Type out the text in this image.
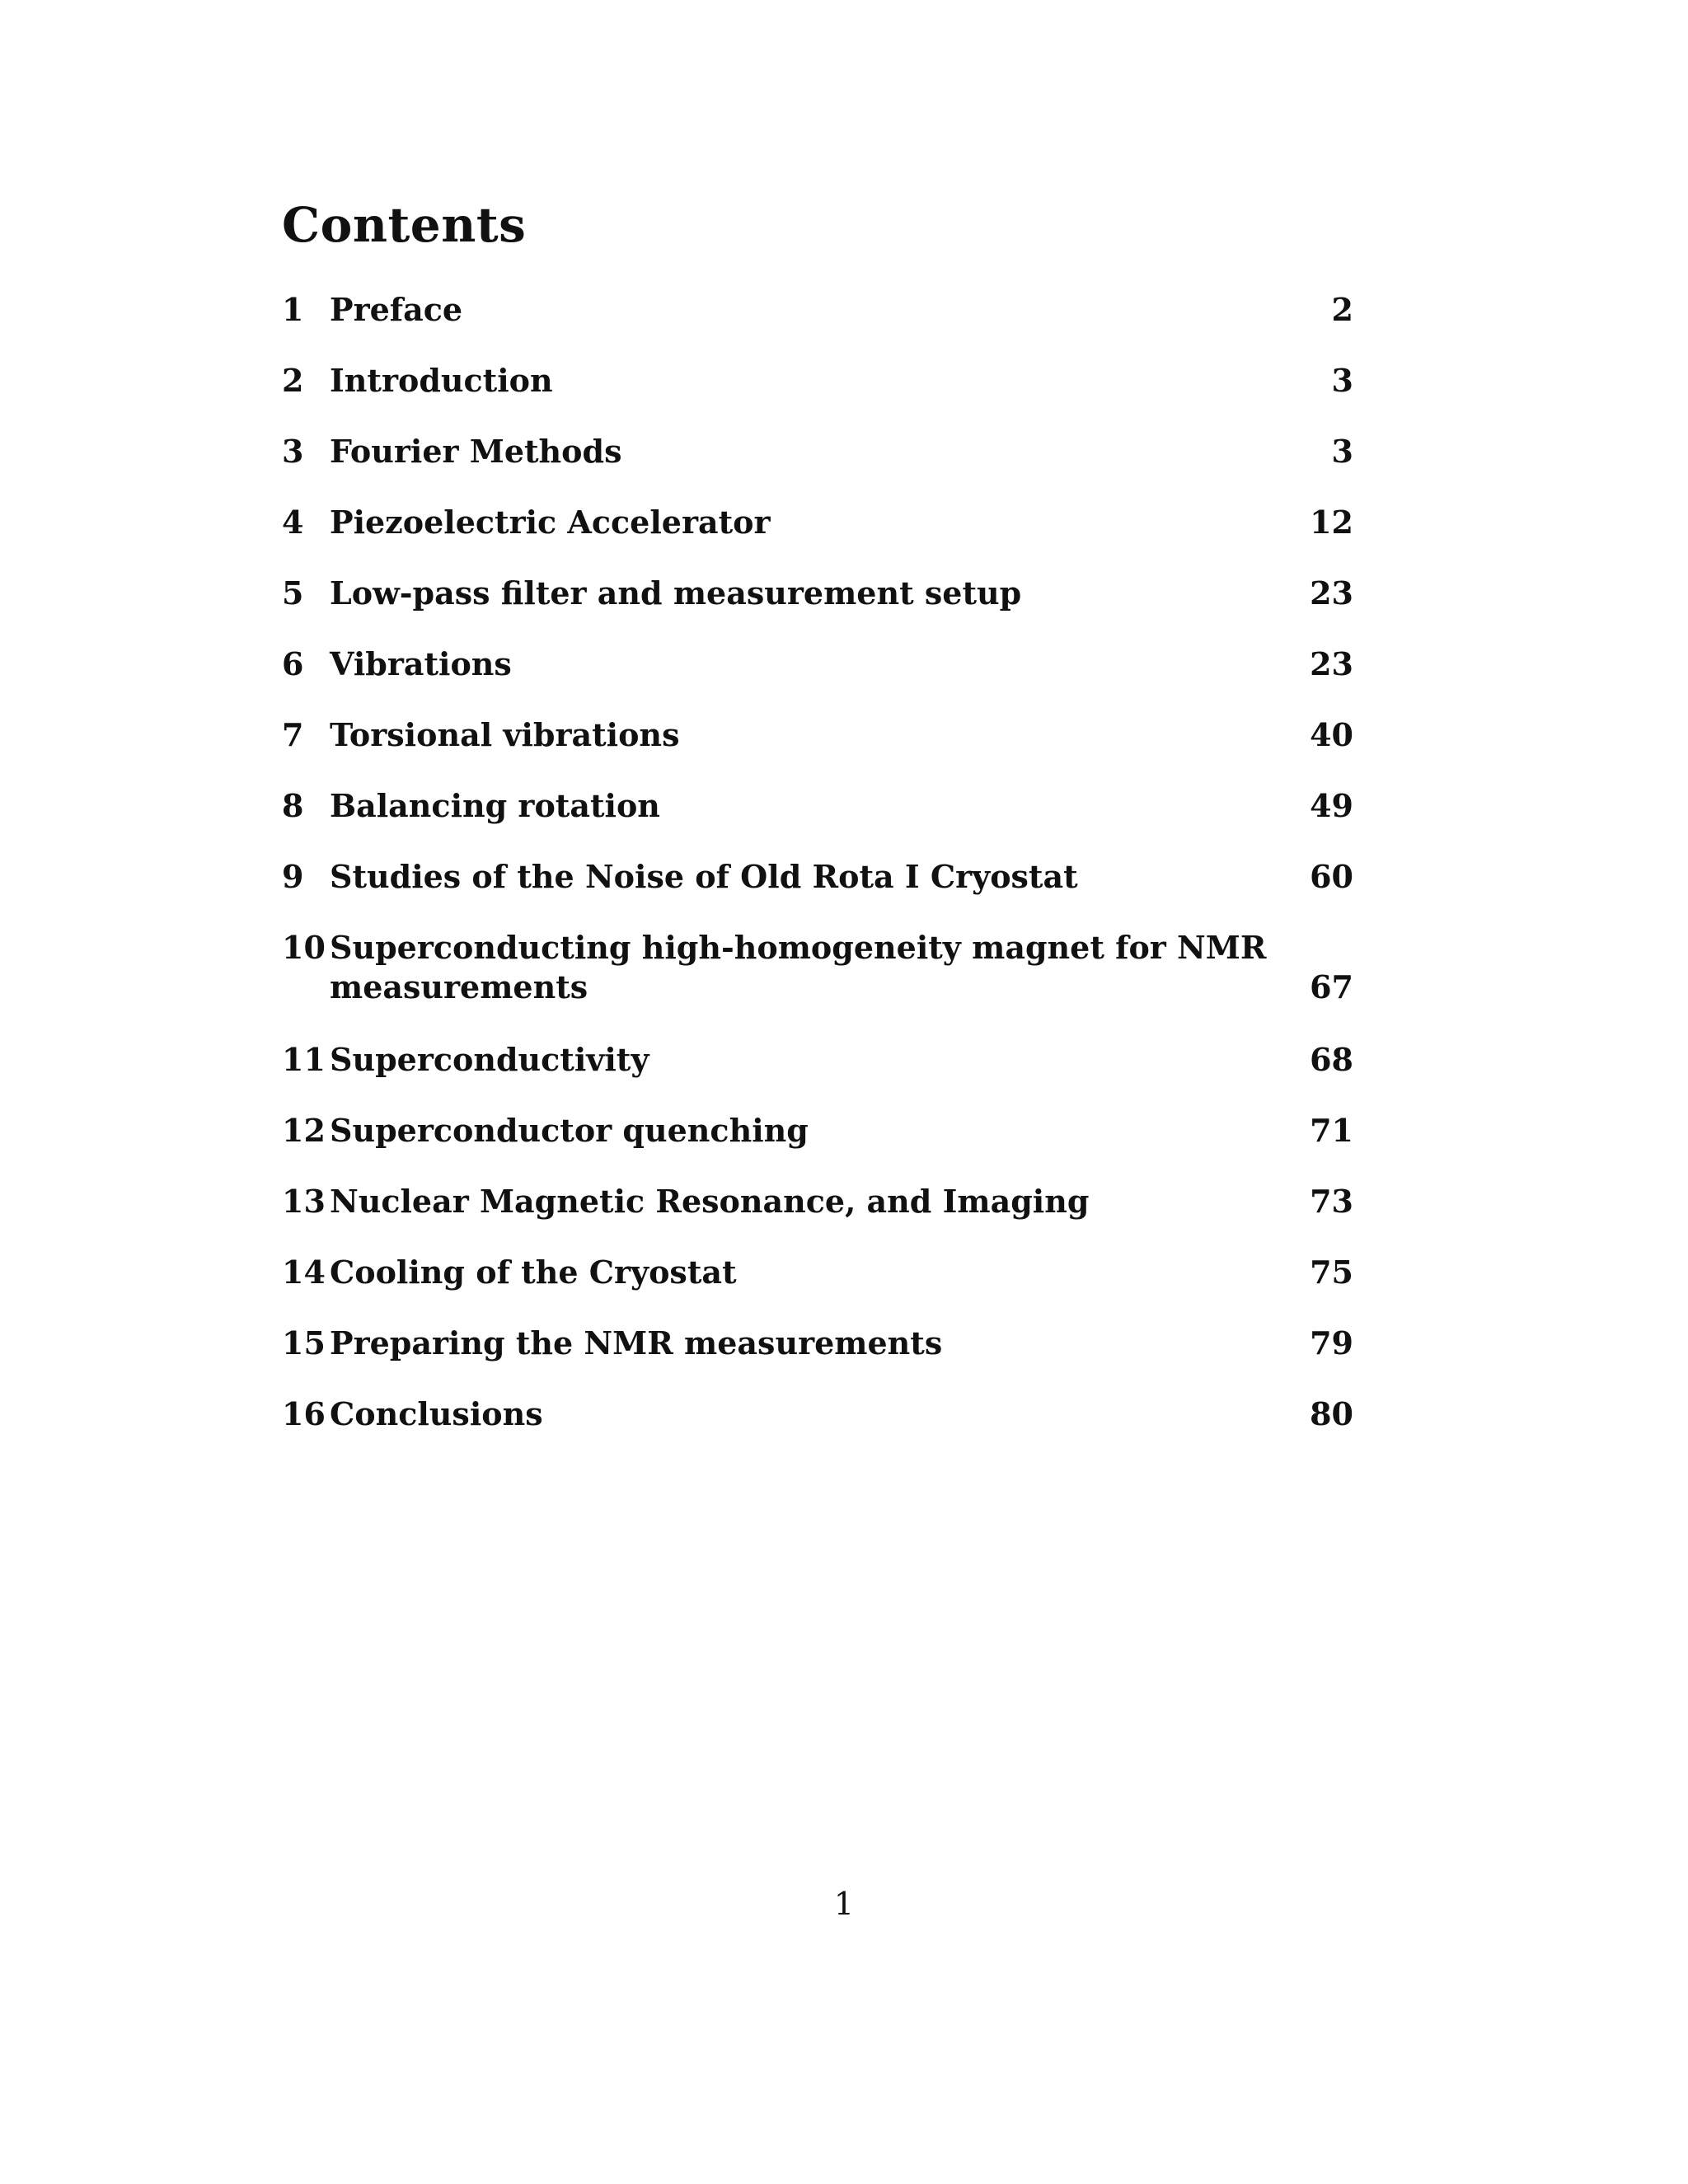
Contents
1 Preface	2
2 Introduction	3
3 Fourier Methods	3
4 Piezoelectric Accelerator	12
5 Low-pass filter and measurement setup	23
6 Vibrations	23
7 Torsional vibrations	40
8 Balancing rotation	49
9 Studies of the Noise of Old Rota I Cryostat	60
10 Superconducting high-homogeneity magnet for NMR measurements	67
11 Superconductivity	68
12 Superconductor quenching	71
13 Nuclear Magnetic Resonance, and Imaging	73
14 Cooling of the Cryostat	75
15 Preparing the NMR measurements	79
16 Conclusions	80
1
